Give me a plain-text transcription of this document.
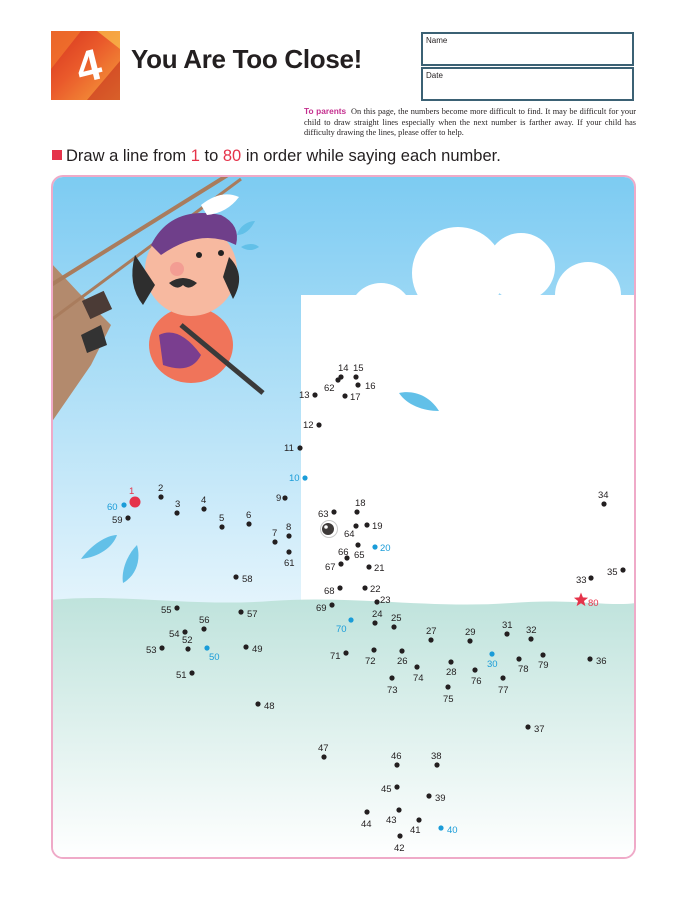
4 You Are Too Close!
Name
Date

To parents On this page, the numbers become more difficult to find. It may be difficult for your child to draw straight lines especially when the next number is farther away. If your child has difficulty drawing the lines, please offer to help.

Draw a line from 1 to 80 in order while saying each number.

1 2
3 4
5 6
7
8
9
10
11
12
13
14 15
16
17
18
19
20
21
22
23
24 25
26
27
28
29
30
31 32
33
34
35
36
37
38
39
40
41
42
43
44
45
46
47
48
49
50
51
52
53
54
55
56
57
58
59
60
61
62
63
64
65
66
67
68
69
70
71	72
73
74
75
76
77
78 79
80
